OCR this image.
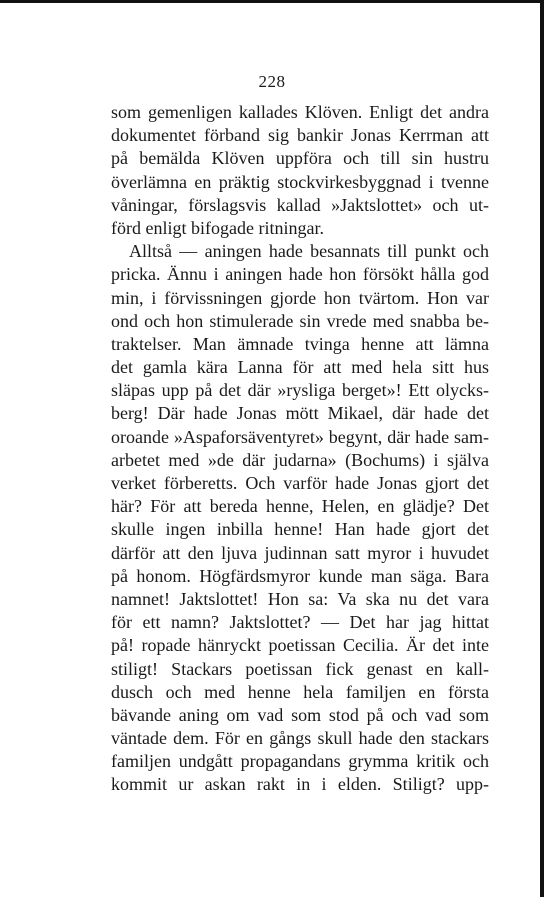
228
som gemenligen kallades Klöven. Enligt det andra
dokumentet förband sig bankir Jonas Kerrman att
på bemälda Klöven uppföra och till sin hustru
överlämna en präktig stockvirkesbyggnad i tvenne
våningar, förslagsvis kallad »Jaktslottet» och ut-
förd enligt bifogade ritningar.
Alltså — aningen hade besannats till punkt och
pricka. Ännu i aningen hade hon försökt hålla god
min, i förvissningen gjorde hon tvärtom. Hon var
ond och hon stimulerade sin vrede med snabba be-
traktelser. Man ämnade tvinga henne att lämna
det gamla kära Lanna för att med hela sitt hus
släpas upp på det där »rysliga berget»! Ett olycks-
berg! Där hade Jonas mött Mikael, där hade det
oroande »Aspaforsäventyret» begynt, där hade sam-
arbetet med »de där judarna» (Bochums) i själva
verket förberetts. Och varför hade Jonas gjort det
här? För att bereda henne, Helen, en glädje? Det
skulle ingen inbilla henne! Han hade gjort det
därför att den ljuva judinnan satt myror i huvudet
på honom. Högfärdsmyror kunde man säga. Bara
namnet! Jaktslottet! Hon sa: Va ska nu det vara
för ett namn? Jaktslottet? — Det har jag hittat
på! ropade hänryckt poetissan Cecilia. Är det inte
stiligt! Stackars poetissan fick genast en kall-
dusch och med henne hela familjen en första
bävande aning om vad som stod på och vad som
väntade dem. För en gångs skull hade den stackars
familjen undgått propagandans grymma kritik och
kommit ur askan rakt in i elden. Stiligt? upp-
